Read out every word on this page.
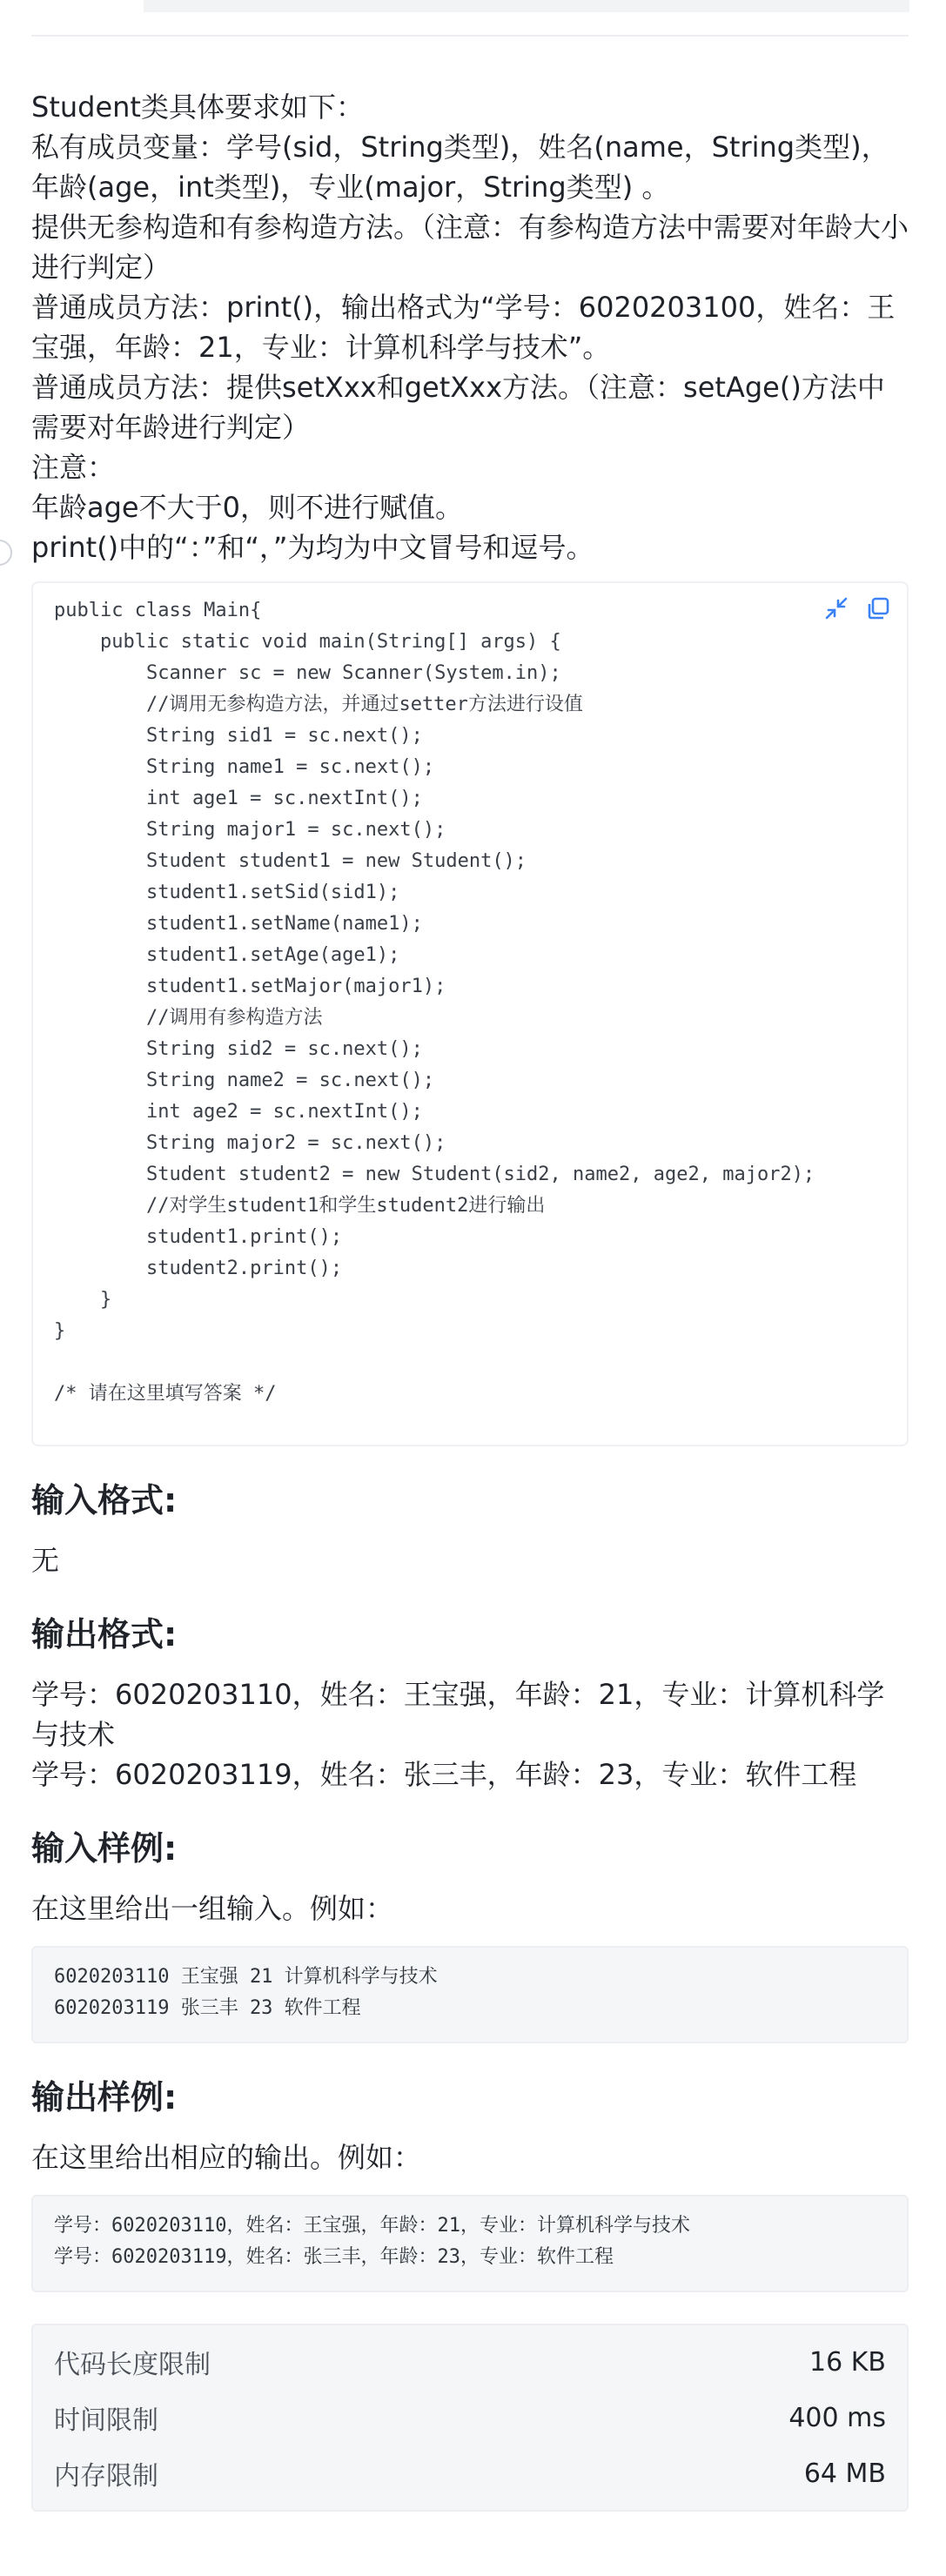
Student类具体要求如下：

私有成员变量：学号(sid，String类型)，姓名(name，String类型)，年龄(age，int类型)，专业(major，String类型) 。

提供无参构造和有参构造方法。（注意：有参构造方法中需要对年龄大小进行判定）

普通成员方法：print()，输出格式为“学号：6020203100，姓名：王宝强，年龄：21，专业：计算机科学与技术”。

普通成员方法：提供setXxx和getXxx方法。（注意：setAge()方法中需要对年龄进行判定）

注意：

年龄age不大于0，则不进行赋值。

print()中的“：”和“，”为均为中文冒号和逗号。

public class Main{
public static void main(String[] args) {
Scanner sc = new Scanner(System.in);
//调用无参构造方法，并通过setter方法进行设值
String sid1 = sc.next();
String name1 = sc.next();
int age1 = sc.nextInt();
String major1 = sc.next();
Student student1 = new Student();
student1.setSid(sid1);
student1.setName(name1);
student1.setAge(age1);
student1.setMajor(major1);
//调用有参构造方法
String sid2 = sc.next();
String name2 = sc.next();
int age2 = sc.nextInt();
String major2 = sc.next();
Student student2 = new Student(sid2, name2, age2, major2);
//对学生student1和学生student2进行输出
student1.print();
student2.print();
}
}

/* 请在这里填写答案 */
输入格式:

无

输出格式:

学号：6020203110，姓名：王宝强，年龄：21，专业：计算机科学与技术

学号：6020203119，姓名：张三丰，年龄：23，专业：软件工程

输入样例:

在这里给出一组输入。例如：

6020203110 王宝强 21 计算机科学与技术
6020203119 张三丰 23 软件工程
输出样例:

在这里给出相应的输出。例如：

学号：6020203110，姓名：王宝强，年龄：21，专业：计算机科学与技术
学号：6020203119，姓名：张三丰，年龄：23，专业：软件工程
代码长度限制	16 KB
时间限制	400 ms
内存限制	64 MB
